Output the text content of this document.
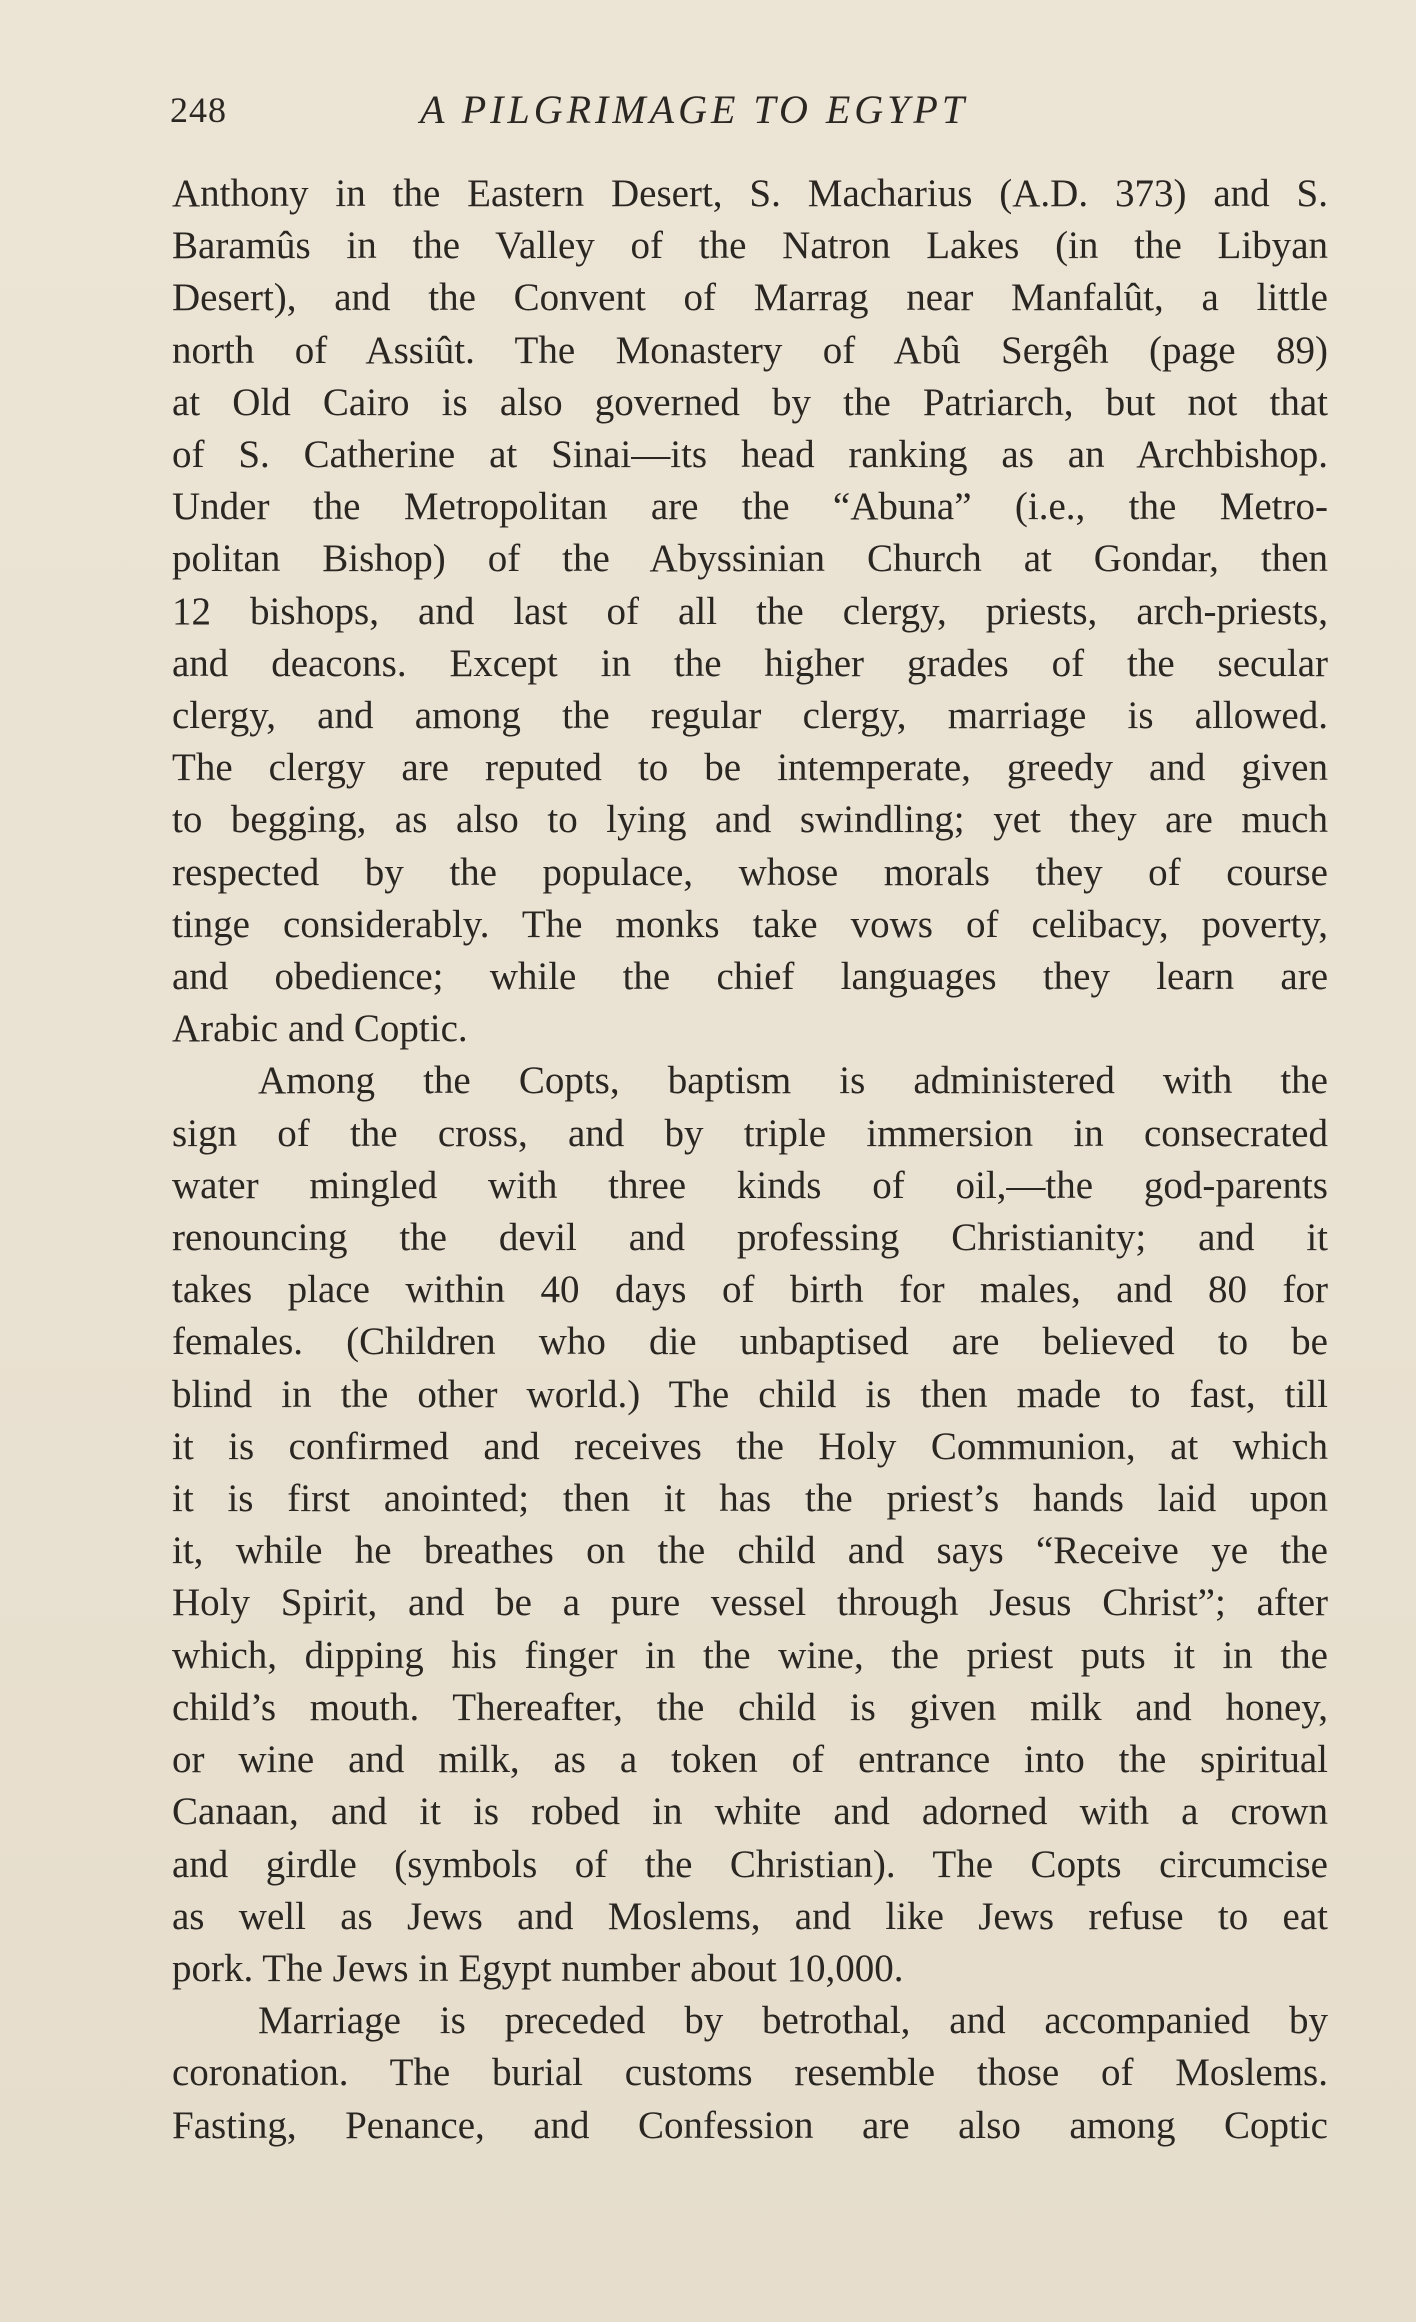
248	A PILGRIMAGE TO EGYPT

Anthony in the Eastern Desert, S. Macharius (A.D. 373) and S.
Baramûs in the Valley of the Natron Lakes (in the Libyan
Desert), and the Convent of Marrag near Manfalût, a little
north of Assiût. The Monastery of Abû Sergêh (page 89)
at Old Cairo is also governed by the Patriarch, but not that
of S. Catherine at Sinai—its head ranking as an Archbishop.
Under the Metropolitan are the “Abuna” (i.e., the Metro-
politan Bishop) of the Abyssinian Church at Gondar, then
12 bishops, and last of all the clergy, priests, arch-priests,
and deacons. Except in the higher grades of the secular
clergy, and among the regular clergy, marriage is allowed.
The clergy are reputed to be intemperate, greedy and given
to begging, as also to lying and swindling; yet they are much
respected by the populace, whose morals they of course
tinge considerably. The monks take vows of celibacy, poverty,
and obedience; while the chief languages they learn are
Arabic and Coptic.

Among the Copts, baptism is administered with the
sign of the cross, and by triple immersion in consecrated
water mingled with three kinds of oil,—the god-parents
renouncing the devil and professing Christianity; and it
takes place within 40 days of birth for males, and 80 for
females. (Children who die unbaptised are believed to be
blind in the other world.) The child is then made to fast, till
it is confirmed and receives the Holy Communion, at which
it is first anointed; then it has the priest’s hands laid upon
it, while he breathes on the child and says “Receive ye the
Holy Spirit, and be a pure vessel through Jesus Christ”; after
which, dipping his finger in the wine, the priest puts it in the
child’s mouth. Thereafter, the child is given milk and honey,
or wine and milk, as a token of entrance into the spiritual
Canaan, and it is robed in white and adorned with a crown
and girdle (symbols of the Christian). The Copts circumcise
as well as Jews and Moslems, and like Jews refuse to eat
pork. The Jews in Egypt number about 10,000.

Marriage is preceded by betrothal, and accompanied by
coronation. The burial customs resemble those of Moslems.
Fasting, Penance, and Confession are also among Coptic
